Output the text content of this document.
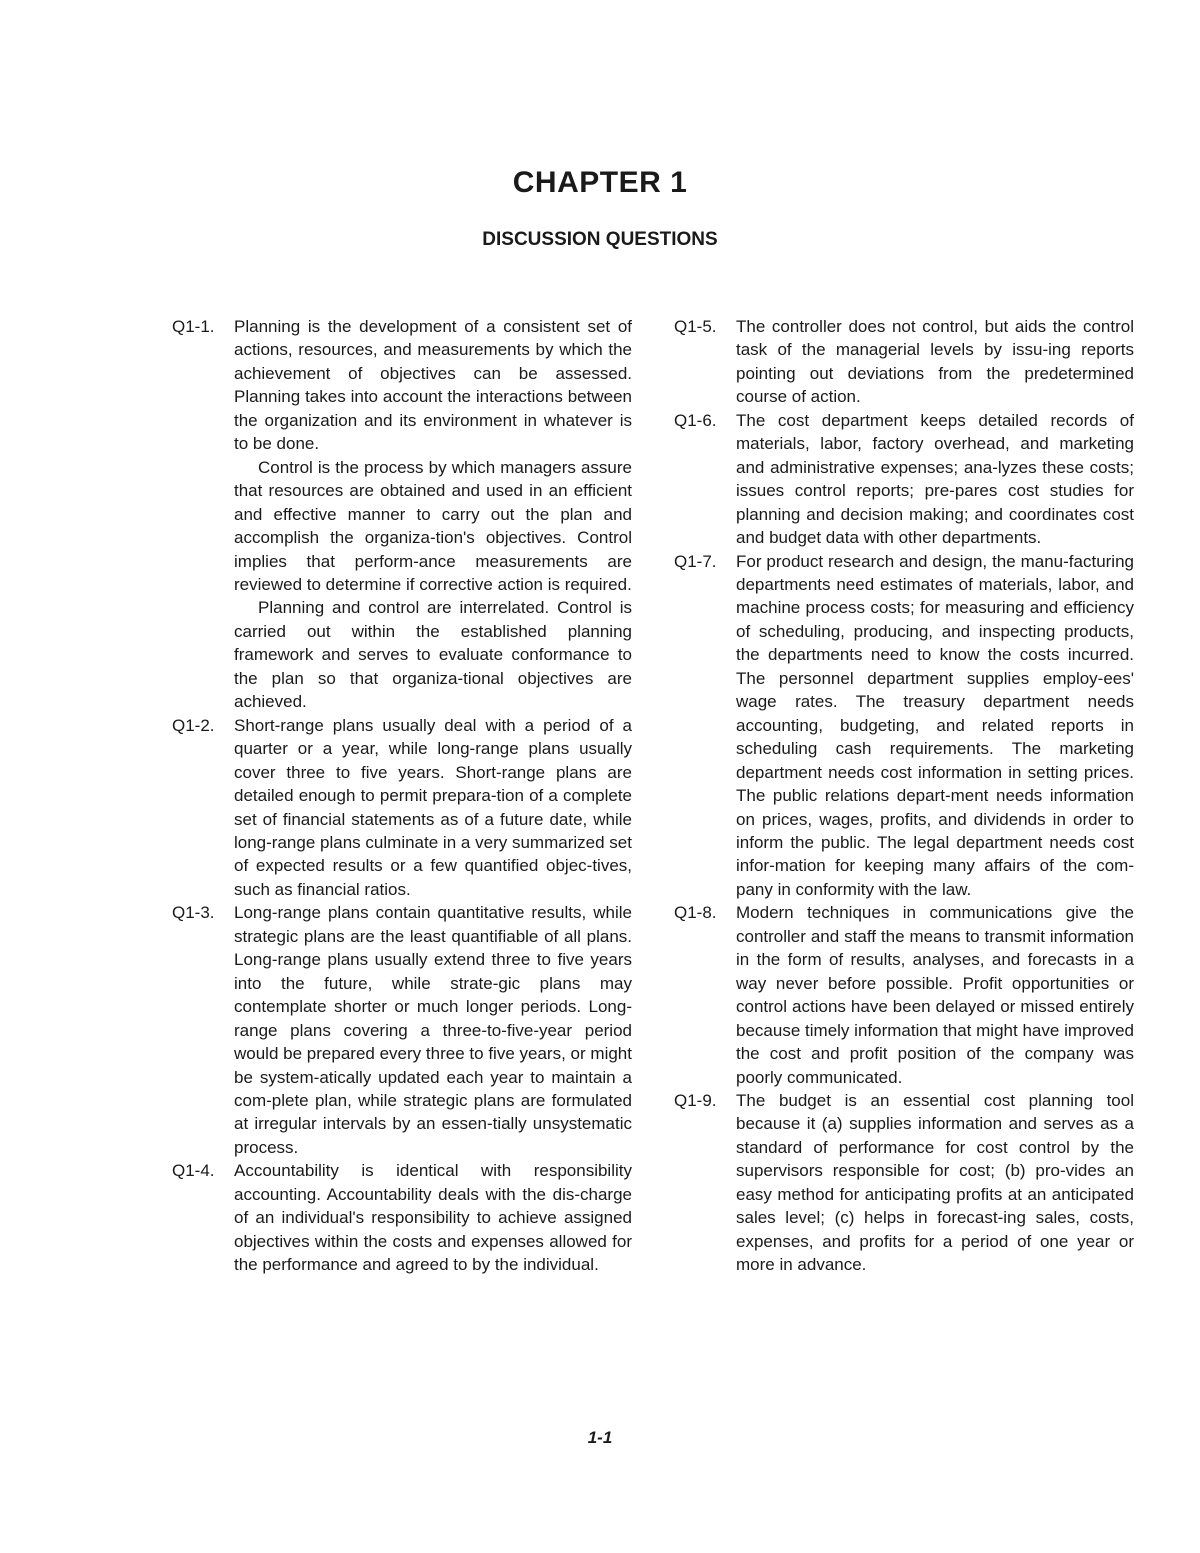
CHAPTER 1
DISCUSSION QUESTIONS
Q1-1.	Planning is the development of a consistent set of actions, resources, and measurements by which the achievement of objectives can be assessed. Planning takes into account the interactions between the organization and its environment in whatever is to be done.

Control is the process by which managers assure that resources are obtained and used in an efficient and effective manner to carry out the plan and accomplish the organiza-tion's objectives. Control implies that perform-ance measurements are reviewed to determine if corrective action is required.

Planning and control are interrelated. Control is carried out within the established planning framework and serves to evaluate conformance to the plan so that organiza-tional objectives are achieved.

Q1-2.	Short-range plans usually deal with a period of a quarter or a year, while long-range plans usually cover three to five years. Short-range plans are detailed enough to permit prepara-tion of a complete set of financial statements as of a future date, while long-range plans culminate in a very summarized set of expected results or a few quantified objec-tives, such as financial ratios.

Q1-3.	Long-range plans contain quantitative results, while strategic plans are the least quantifiable of all plans. Long-range plans usually extend three to five years into the future, while strate-gic plans may contemplate shorter or much longer periods. Long-range plans covering a three-to-five-year period would be prepared every three to five years, or might be system-atically updated each year to maintain a com-plete plan, while strategic plans are formulated at irregular intervals by an essen-tially unsystematic process.

Q1-4.	Accountability is identical with responsibility accounting. Accountability deals with the dis-charge of an individual's responsibility to achieve assigned objectives within the costs and expenses allowed for the performance and agreed to by the individual.

Q1-5.	The controller does not control, but aids the control task of the managerial levels by issu-ing reports pointing out deviations from the predetermined course of action.

Q1-6.	The cost department keeps detailed records of materials, labor, factory overhead, and marketing and administrative expenses; ana-lyzes these costs; issues control reports; pre-pares cost studies for planning and decision making; and coordinates cost and budget data with other departments.

Q1-7.	For product research and design, the manu-facturing departments need estimates of materials, labor, and machine process costs; for measuring and efficiency of scheduling, producing, and inspecting products, the departments need to know the costs incurred. The personnel department supplies employ-ees' wage rates. The treasury department needs accounting, budgeting, and related reports in scheduling cash requirements. The marketing department needs cost information in setting prices. The public relations depart-ment needs information on prices, wages, profits, and dividends in order to inform the public. The legal department needs cost infor-mation for keeping many affairs of the com-pany in conformity with the law.

Q1-8.	Modern techniques in communications give the controller and staff the means to transmit information in the form of results, analyses, and forecasts in a way never before possible. Profit opportunities or control actions have been delayed or missed entirely because timely information that might have improved the cost and profit position of the company was poorly communicated.

Q1-9.	The budget is an essential cost planning tool because it (a) supplies information and serves as a standard of performance for cost control by the supervisors responsible for cost; (b) pro-vides an easy method for anticipating profits at an anticipated sales level; (c) helps in forecast-ing sales, costs, expenses, and profits for a period of one year or more in advance.

1-1
